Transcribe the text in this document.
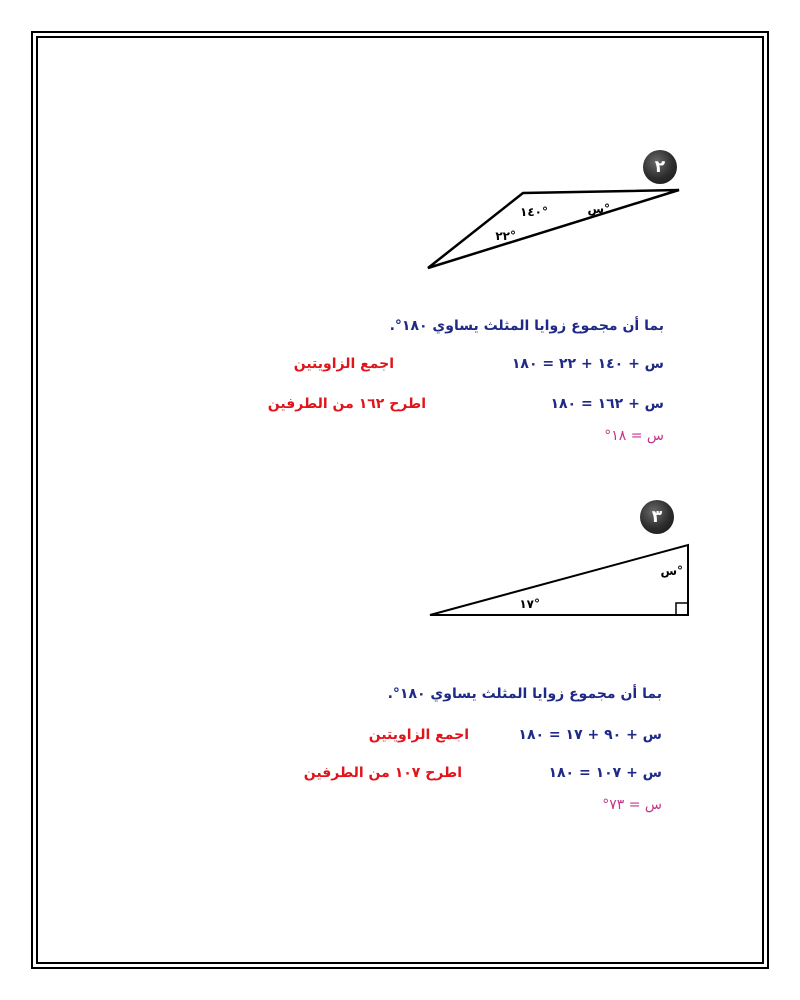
٢
١٤٠°	س°
٢٢°
بما أن مجموع زوايا المثلث يساوي ١٨٠°.
س + ١٤٠ + ٢٢ = ١٨٠
اجمع الزاويتين
س + ١٦٢ = ١٨٠
اطرح ١٦٢ من الطرفين
س = ١٨°
٣
س°
١٧°
بما أن مجموع زوايا المثلث يساوي ١٨٠°.
س + ٩٠ + ١٧ = ١٨٠
اجمع الزاويتين
س + ١٠٧ = ١٨٠
اطرح ١٠٧ من الطرفين
س = ٧٣°
